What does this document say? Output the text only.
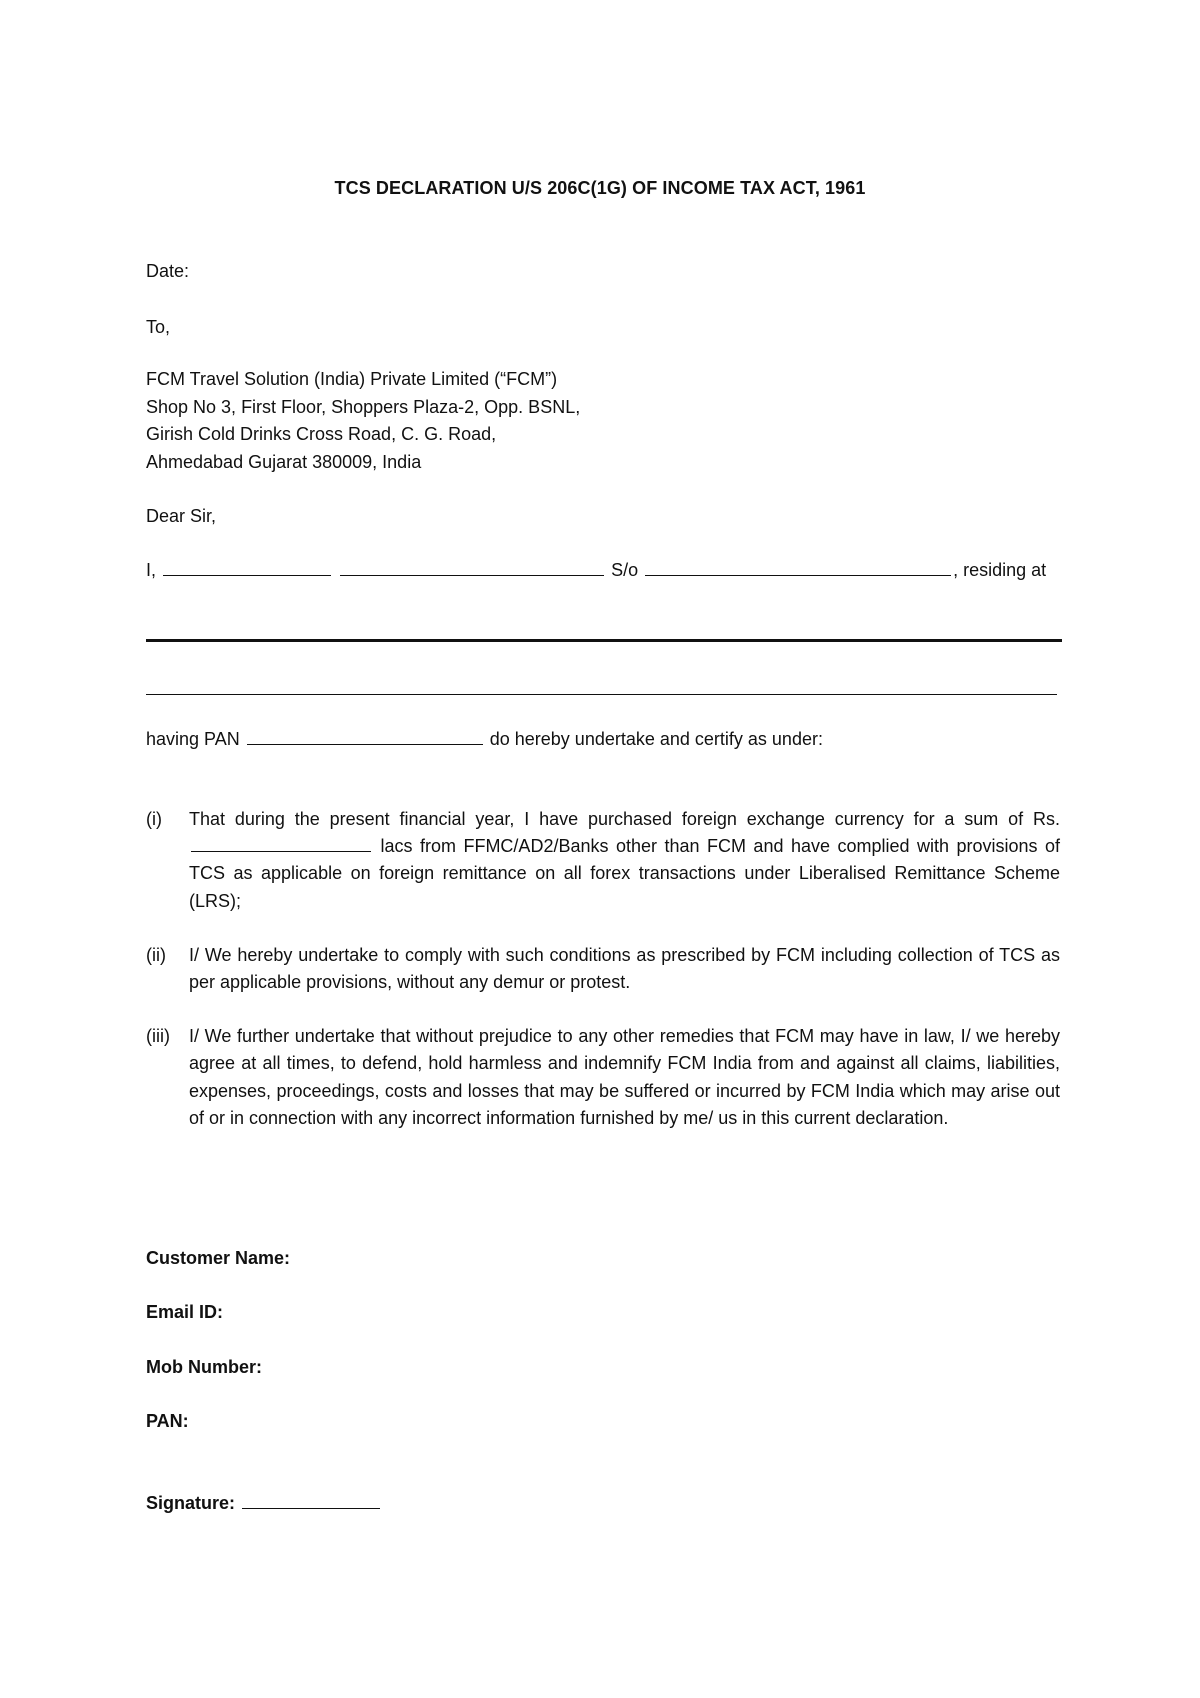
TCS DECLARATION U/S 206C(1G) OF INCOME TAX ACT, 1961
Date:
To,
FCM Travel Solution (India) Private Limited (“FCM”)
Shop No 3, First Floor, Shoppers Plaza-2, Opp. BSNL,
Girish Cold Drinks Cross Road, C. G. Road,
Ahmedabad Gujarat 380009, India
Dear Sir,
I,	S/o	, residing at
having PAN	do hereby undertake and certify as under:
(i)	That during the present financial year, I have purchased foreign exchange currency for a sum of Rs.  lacs from FFMC/AD2/Banks other than FCM and have complied with provisions of TCS as applicable on foreign remittance on all forex transactions under Liberalised Remittance Scheme (LRS);
(ii)	I/ We hereby undertake to comply with such conditions as prescribed by FCM including collection of TCS as per applicable provisions, without any demur or protest.
(iii)	I/ We further undertake that without prejudice to any other remedies that FCM may have in law, I/ we hereby agree at all times, to defend, hold harmless and indemnify FCM India from and against all claims, liabilities, expenses, proceedings, costs and losses that may be suffered or incurred by FCM India which may arise out of or in connection with any incorrect information furnished by me/ us in this current declaration.
Customer Name:
Email ID:
Mob Number:
PAN:
Signature:
